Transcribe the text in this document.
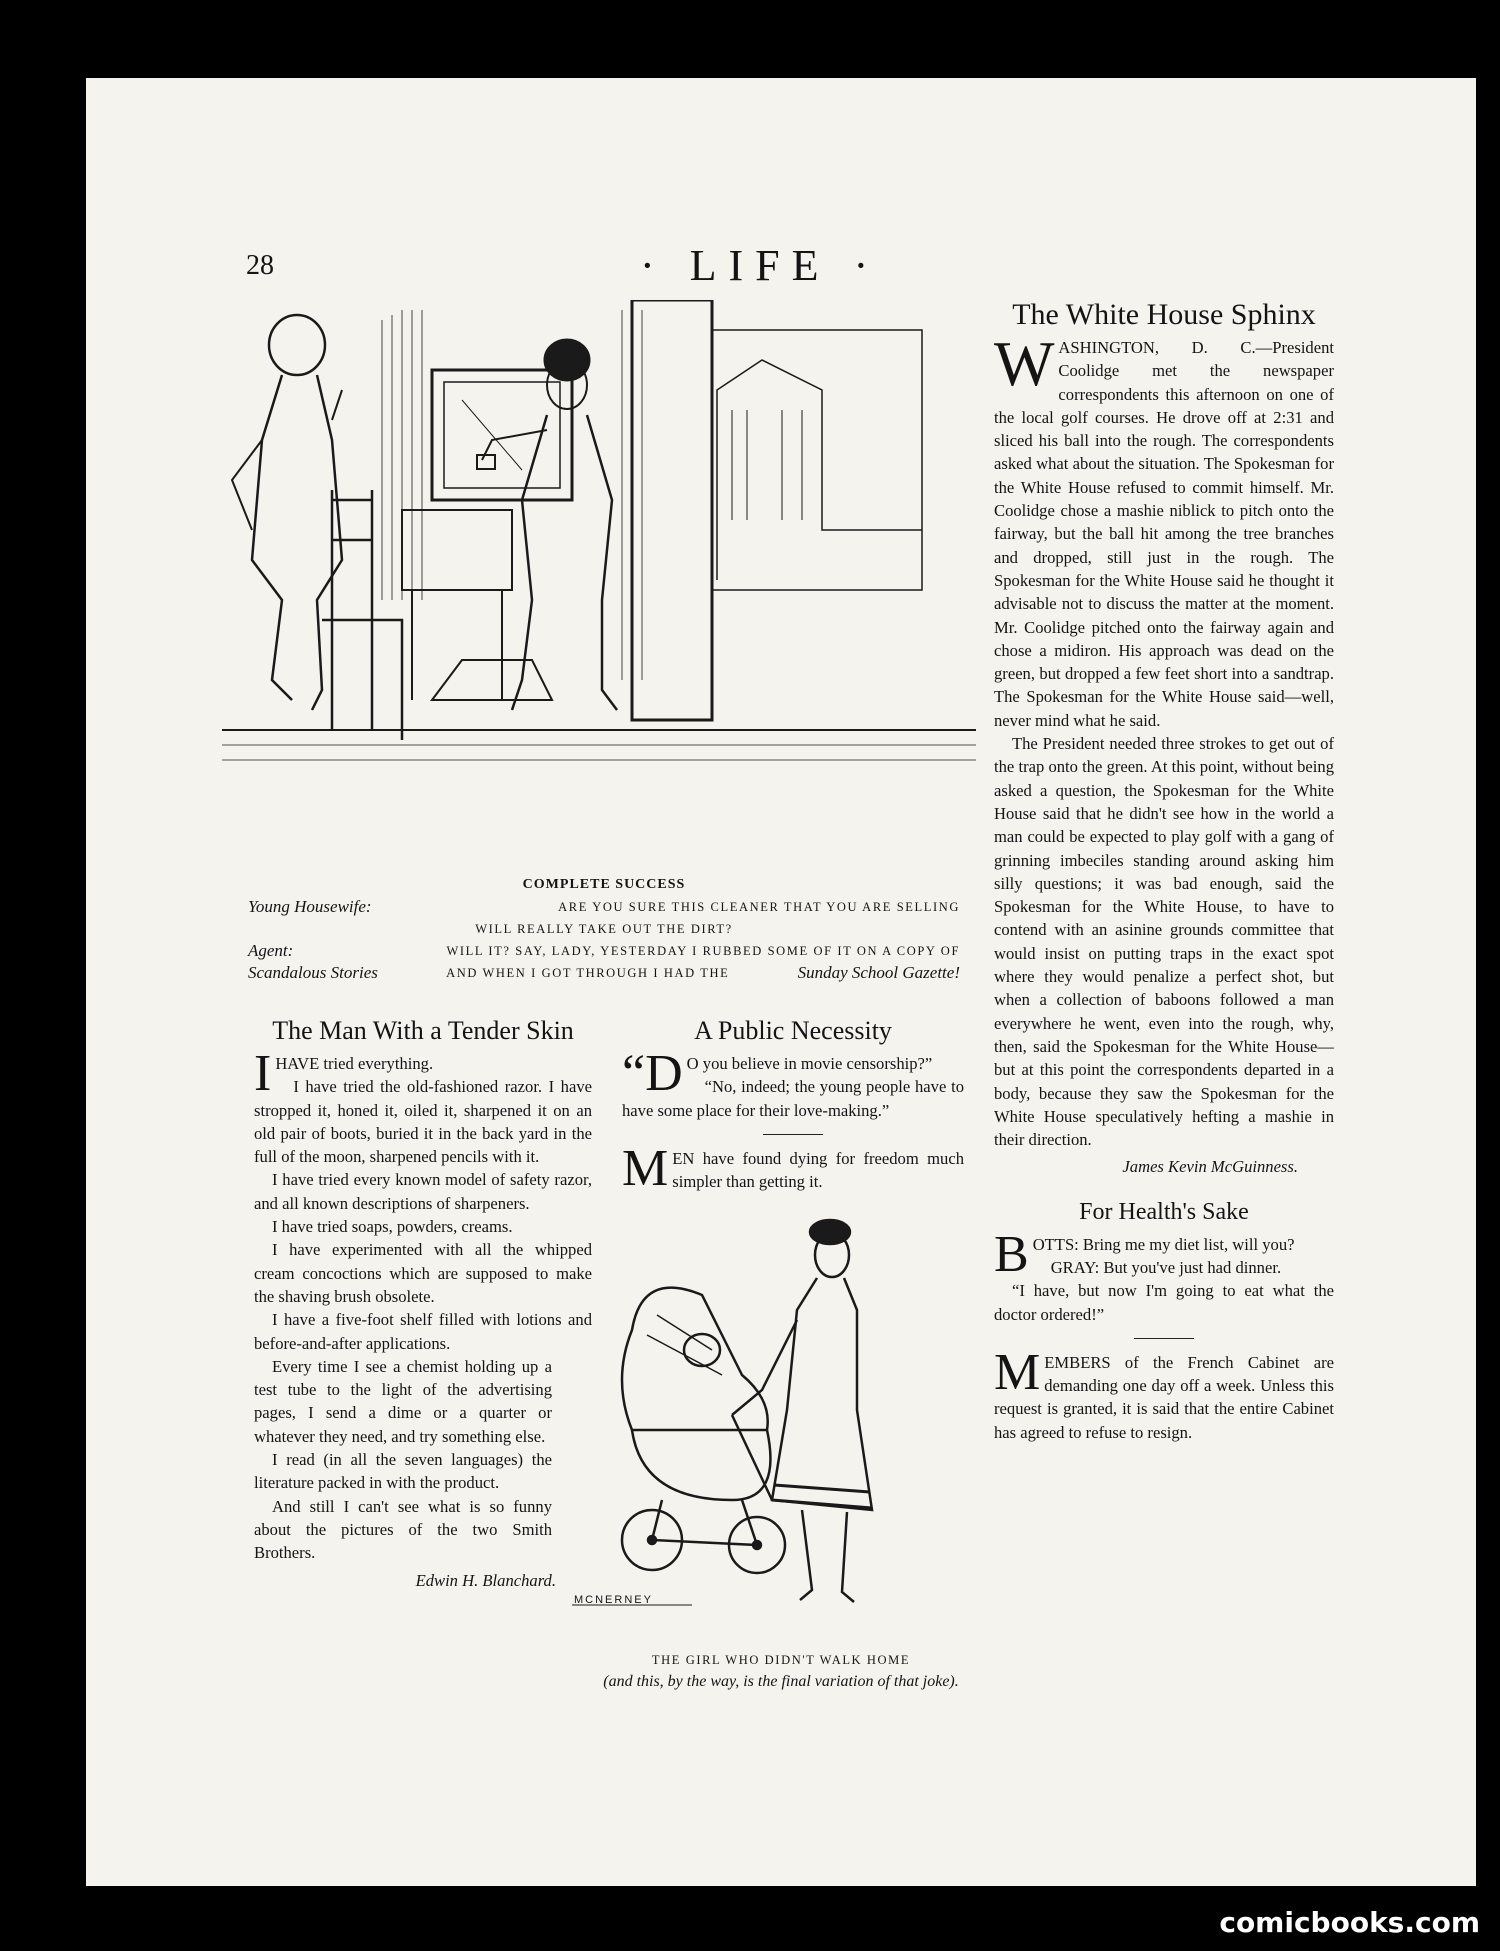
28	· LIFE ·
COMPLETE SUCCESS
Young Housewife:	ARE YOU SURE THIS CLEANER THAT YOU ARE SELLING
WILL REALLY TAKE OUT THE DIRT?
Agent:	WILL IT? SAY, LADY, YESTERDAY I RUBBED SOME OF IT ON A COPY OF
Scandalous Stories	AND WHEN I GOT THROUGH I HAD THE	Sunday School Gazette!
The Man With a Tender Skin

IHAVE tried everything.

I have tried the old-fashioned razor. I have stropped it, honed it, oiled it, sharpened it on an old pair of boots, buried it in the back yard in the full of the moon, sharpened pencils with it.

I have tried every known model of safety razor, and all known descriptions of sharpeners.

I have tried soaps, powders, creams.

I have experimented with all the whipped cream concoctions which are supposed to make the shaving brush obsolete.

I have a five-foot shelf filled with lotions and before-and-after applications.

Every time I see a chemist holding up a test tube to the light of the advertising pages, I send a dime or a quarter or whatever they need, and try something else.

I read (in all the seven languages) the literature packed in with the product.

And still I can't see what is so funny about the pictures of the two Smith Brothers.

Edwin H. Blanchard.
A Public Necessity

“D O you believe in movie censorship?”

“No, indeed; the young people have to have some place for their love-making.”

MEN have found dying for freedom much simpler than getting it.

MCNERNEY
THE GIRL WHO DIDN'T WALK HOME
(and this, by the way, is the final variation of that joke).
The White House Sphinx

WASHINGTON, D. C.—President Coolidge met the newspaper correspondents this afternoon on one of the local golf courses. He drove off at 2:31 and sliced his ball into the rough. The correspondents asked what about the situation. The Spokesman for the White House refused to commit himself. Mr. Coolidge chose a mashie niblick to pitch onto the fairway, but the ball hit among the tree branches and dropped, still just in the rough. The Spokesman for the White House said he thought it advisable not to discuss the matter at the moment. Mr. Coolidge pitched onto the fairway again and chose a midiron. His approach was dead on the green, but dropped a few feet short into a sandtrap. The Spokesman for the White House said—well, never mind what he said.

The President needed three strokes to get out of the trap onto the green. At this point, without being asked a question, the Spokesman for the White House said that he didn't see how in the world a man could be expected to play golf with a gang of grinning imbeciles standing around asking him silly questions; it was bad enough, said the Spokesman for the White House, to have to contend with an asinine grounds committee that would insist on putting traps in the exact spot where they would penalize a perfect shot, but when a collection of baboons followed a man everywhere he went, even into the rough, why, then, said the Spokesman for the White House—but at this point the correspondents departed in a body, because they saw the Spokesman for the White House speculatively hefting a mashie in their direction.

James Kevin McGuinness.
For Health's Sake

BOTTS: Bring me my diet list, will you?

GRAY: But you've just had dinner.

“I have, but now I'm going to eat what the doctor ordered!”

MEMBERS of the French Cabinet are demanding one day off a week. Unless this request is granted, it is said that the entire Cabinet has agreed to refuse to resign.

comicbooks.com
